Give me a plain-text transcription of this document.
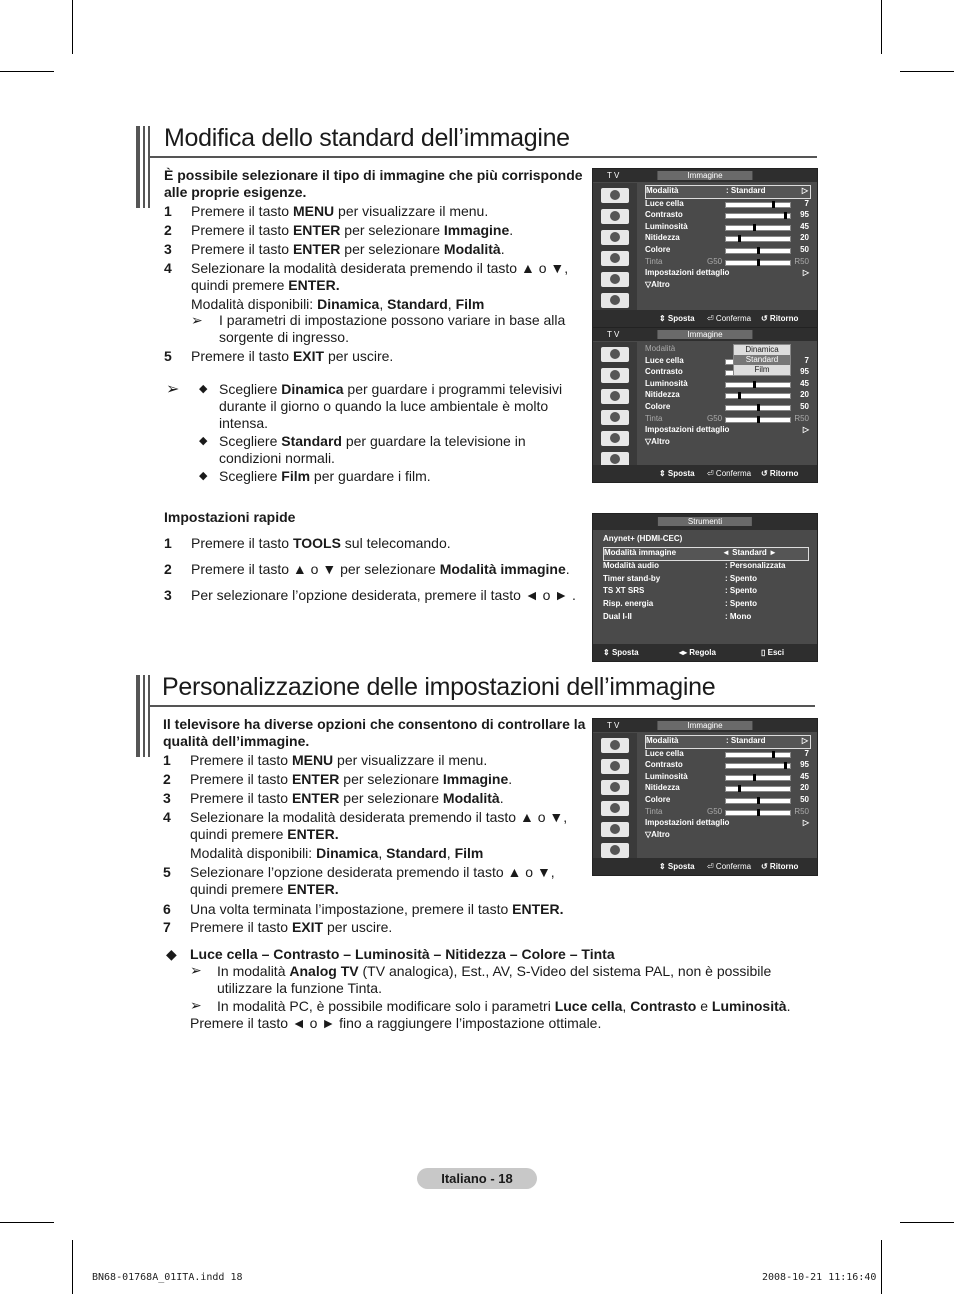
Modifica dello standard dell’immagine
È possibile selezionare il tipo di immagine che più corrisponde alle proprie esigenze.
1 Premere il tasto MENU per visualizzare il menu.
2 Premere il tasto ENTER per selezionare Immagine.
3 Premere il tasto ENTER per selezionare Modalità.
4 Selezionare la modalità desiderata premendo il tasto ▲ o ▼,
quindi premere ENTER.
5 Premere il tasto EXIT per uscire.
Modalità disponibili: Dinamica, Standard, Film
➢ I parametri di impostazione possono variare in base alla sorgente di ingresso.
➢ ◆ Scegliere Dinamica per guardare i programmi televisivi durante il giorno o quando la luce ambientale è molto intensa.
◆ Scegliere Standard per guardare la televisione in condizioni normali.
◆ Scegliere Film per guardare i film.
Impostazioni rapide
1 Premere il tasto TOOLS sul telecomando.
2 Premere il tasto ▲ o ▼ per selezionare Modalità immagine.
3 Per selezionare l’opzione desiderata, premere il tasto ◄ o ► .
T V	Immagine
Modalità	: Standard	▷
Luce cella	7
Contrasto	95
Luminosità	45
Nitidezza	20
Colore	50
Tinta	G50	R50
Impostazioni dettaglio	▷
▽Altro
⇕ Sposta ⏎ Conferma ↺ Ritorno
T V	Immagine
Modalità
Luce cella	7
Contrasto	95
Luminosità	45
Nitidezza	20
Colore	50
Tinta	G50	R50
Impostazioni dettaglio	▷
▽Altro
Dinamica
Standard
Film
⇕ Sposta ⏎ Conferma ↺ Ritorno
Strumenti
Anynet+ (HDMI-CEC)
Modalità immagine	◄ Standard ►
Modalità audio	: Personalizzata
Timer stand-by	: Spento
TS XT SRS	: Spento
Risp. energia	: Spento
Dual I-II	: Mono
⇕ Sposta	◂▸ Regola	▯ Esci
Personalizzazione delle impostazioni dell’immagine
Il televisore ha diverse opzioni che consentono di controllare la qualità dell’immagine.
1 Premere il tasto MENU per visualizzare il menu.
2 Premere il tasto ENTER per selezionare Immagine.
3 Premere il tasto ENTER per selezionare Modalità.
4 Selezionare la modalità desiderata premendo il tasto ▲ o ▼,
quindi premere ENTER.
5 Selezionare l’opzione desiderata premendo il tasto ▲ o ▼,
quindi premere ENTER.
6 Una volta terminata l’impostazione, premere il tasto ENTER.
7 Premere il tasto EXIT per uscire.
Modalità disponibili: Dinamica, Standard, Film
◆ Luce cella – Contrasto – Luminosità – Nitidezza – Colore – Tinta
➢ In modalità Analog TV (TV analogica), Est., AV, S-Video del sistema PAL, non è possibile utilizzare la funzione Tinta.
➢ In modalità PC, è possibile modificare solo i parametri Luce cella, Contrasto e Luminosità.
Premere il tasto ◄ o ► fino a raggiungere l’impostazione ottimale.
T V	Immagine
Modalità	: Standard	▷
Luce cella	7
Contrasto	95
Luminosità	45
Nitidezza	20
Colore	50
Tinta	G50	R50
Impostazioni dettaglio	▷
▽Altro
⇕ Sposta ⏎ Conferma ↺ Ritorno
Italiano - 18
BN68-01768A_01ITA.indd 18	2008-10-21 11:16:40
